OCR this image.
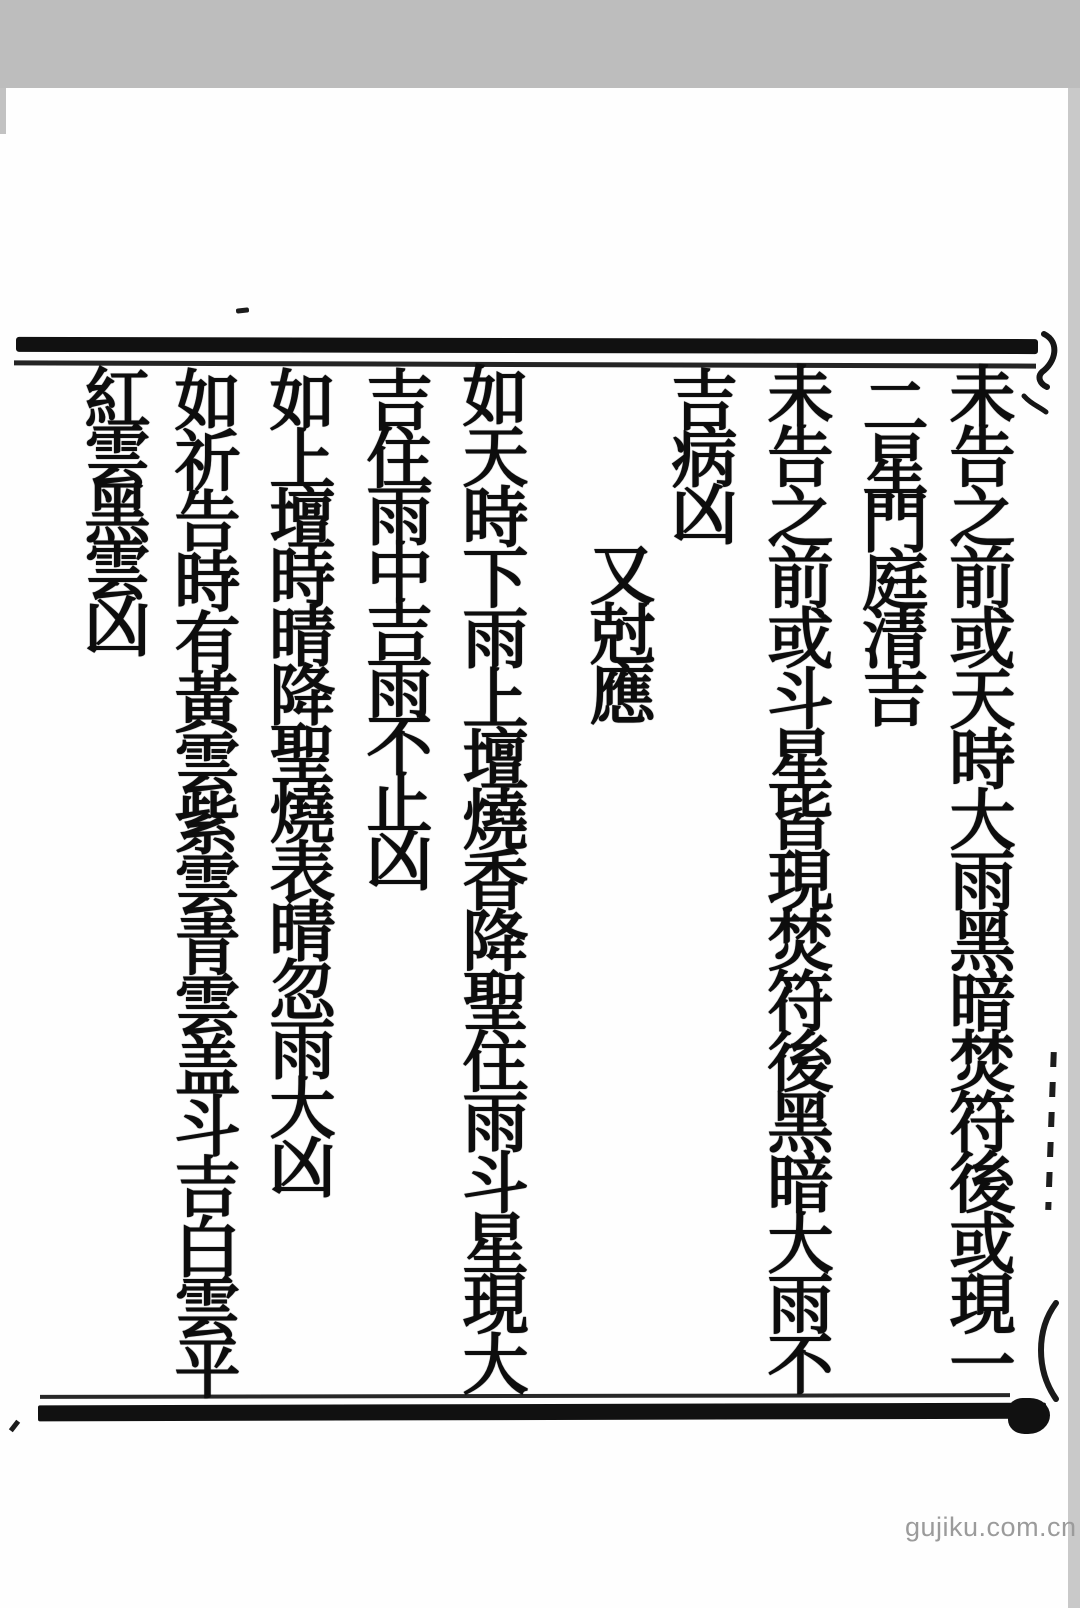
未告之前或天時大雨黑暗焚符後或現一
二星門庭清吉
未告之前或斗星皆現焚符後黑暗大雨不
吉病凶
又尅應
如天時下雨上壇燒香降聖住雨斗星現大
吉住雨中吉雨不止凶
如上壇時晴降聖燒表晴忽雨大凶
如祈告時有黃雲紫雲青雲盖斗吉白雲平
紅雲黑雲凶
gujiku.com.cn
